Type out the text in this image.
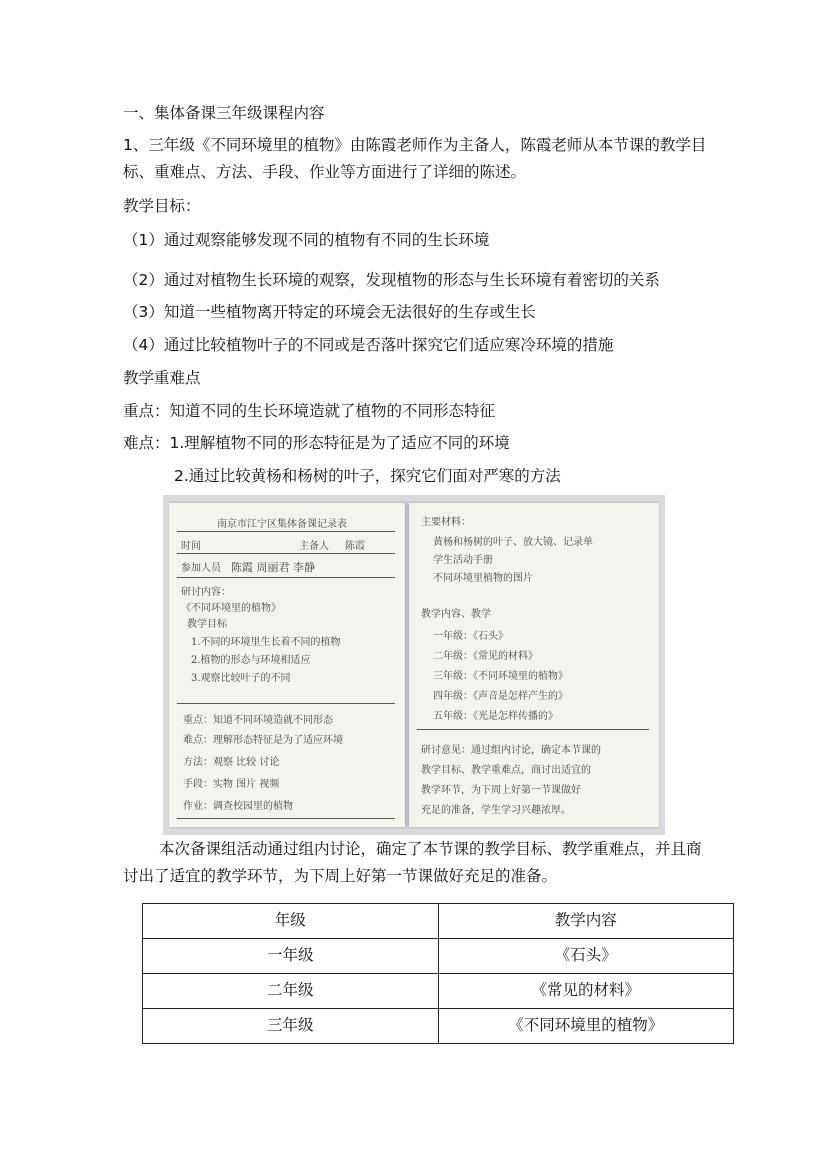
一、集体备课三年级课程内容
1、三年级《不同环境里的植物》由陈霞老师作为主备人，陈霞老师从本节课的教学目标、重难点、方法、手段、作业等方面进行了详细的陈述。
教学目标：
（1）通过观察能够发现不同的植物有不同的生长环境
（2）通过对植物生长环境的观察，发现植物的形态与生长环境有着密切的关系
（3）知道一些植物离开特定的环境会无法很好的生存或生长
（4）通过比较植物叶子的不同或是否落叶探究它们适应寒冷环境的措施
教学重难点
重点：知道不同的生长环境造就了植物的不同形态特征
难点：1.理解植物不同的形态特征是为了适应不同的环境
2.通过比较黄杨和杨树的叶子，探究它们面对严寒的方法
南京市江宁区集体备课记录表
时间	主备人 陈霞
参加人员 陈霞 周丽君 李静
研讨内容：
《不同环境里的植物》
教学目标
1.不同的环境里生长着不同的植物
2.植物的形态与环境相适应
3.观察比较叶子的不同
重点：知道不同环境造就不同形态
难点：理解形态特征是为了适应环境
方法：观察 比较 讨论
手段：实物 图片 视频
作业：调查校园里的植物
主要材料：
黄杨和杨树的叶子、放大镜、记录单
学生活动手册
不同环境里植物的图片
教学内容、教学
一年级：《石头》
二年级：《常见的材料》
三年级：《不同环境里的植物》
四年级：《声音是怎样产生的》
五年级：《光是怎样传播的》
研讨意见：通过组内讨论，确定本节课的
教学目标、教学重难点，商讨出适宜的
教学环节，为下周上好第一节课做好
充足的准备，学生学习兴趣浓厚。
本次备课组活动通过组内讨论，确定了本节课的教学目标、教学重难点，并且商讨出了适宜的教学环节，为下周上好第一节课做好充足的准备。
年级	教学内容
一年级	《石头》
二年级	《常见的材料》
三年级	《不同环境里的植物》
